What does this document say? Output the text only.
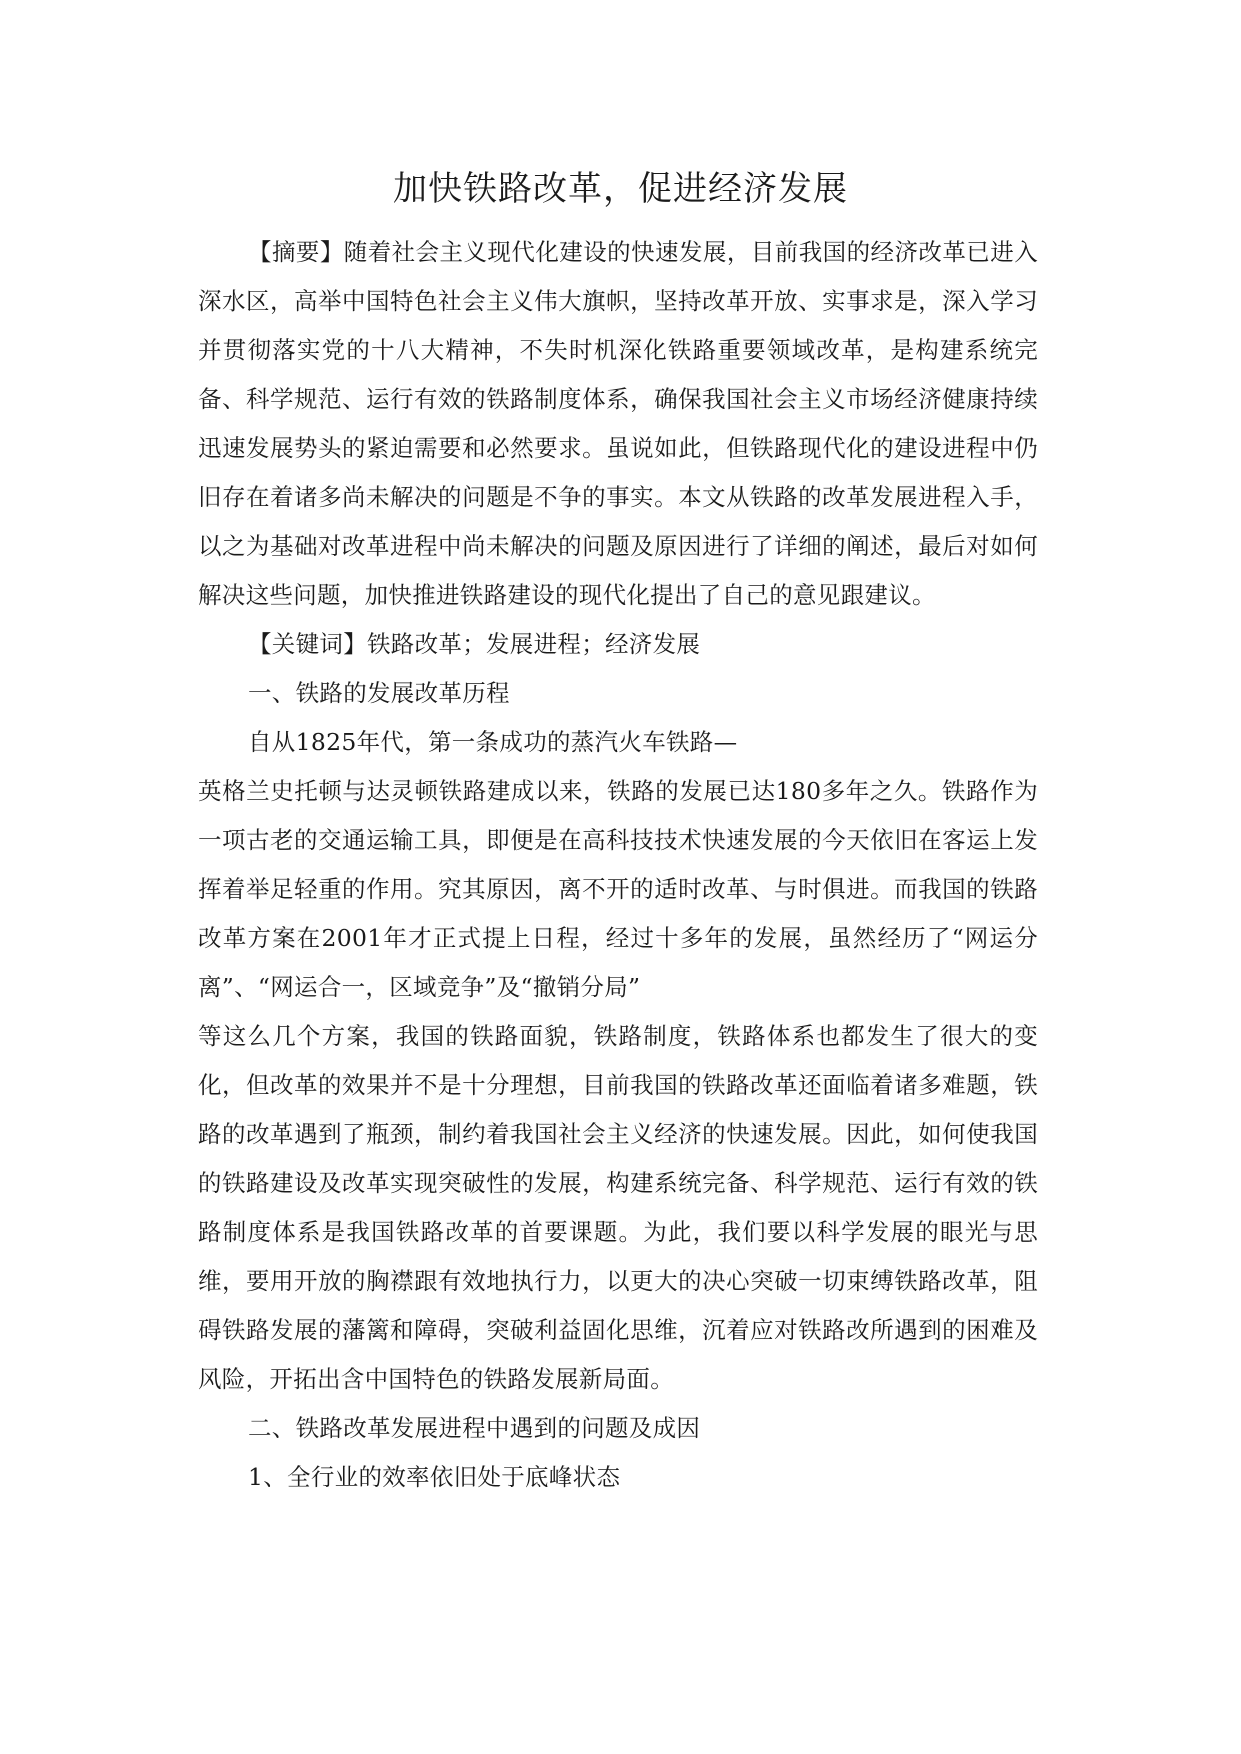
加快铁路改革，促进经济发展

【摘要】随着社会主义现代化建设的快速发展，目前我国的经济改革已进入深水区，高举中国特色社会主义伟大旗帜，坚持改革开放、实事求是，深入学习并贯彻落实党的十八大精神，不失时机深化铁路重要领域改革，是构建系统完备、科学规范、运行有效的铁路制度体系，确保我国社会主义市场经济健康持续迅速发展势头的紧迫需要和必然要求。虽说如此，但铁路现代化的建设进程中仍旧存在着诸多尚未解决的问题是不争的事实。本文从铁路的改革发展进程入手，以之为基础对改革进程中尚未解决的问题及原因进行了详细的阐述，最后对如何解决这些问题，加快推进铁路建设的现代化提出了自己的意见跟建议。

【关键词】铁路改革；发展进程；经济发展

一、铁路的发展改革历程

自从1825年代，第一条成功的蒸汽火车铁路—

英格兰史托顿与达灵顿铁路建成以来，铁路的发展已达180多年之久。铁路作为一项古老的交通运输工具，即便是在高科技技术快速发展的今天依旧在客运上发挥着举足轻重的作用。究其原因，离不开的适时改革、与时俱进。而我国的铁路改革方案在2001年才正式提上日程，经过十多年的发展，虽然经历了“网运分离”、“网运合一，区域竞争”及“撤销分局”

等这么几个方案，我国的铁路面貌，铁路制度，铁路体系也都发生了很大的变化，但改革的效果并不是十分理想，目前我国的铁路改革还面临着诸多难题，铁路的改革遇到了瓶颈，制约着我国社会主义经济的快速发展。因此，如何使我国的铁路建设及改革实现突破性的发展，构建系统完备、科学规范、运行有效的铁路制度体系是我国铁路改革的首要课题。为此，我们要以科学发展的眼光与思维，要用开放的胸襟跟有效地执行力，以更大的决心突破一切束缚铁路改革，阻碍铁路发展的藩篱和障碍，突破利益固化思维，沉着应对铁路改所遇到的困难及风险，开拓出含中国特色的铁路发展新局面。

二、铁路改革发展进程中遇到的问题及成因

1、全行业的效率依旧处于底峰状态
